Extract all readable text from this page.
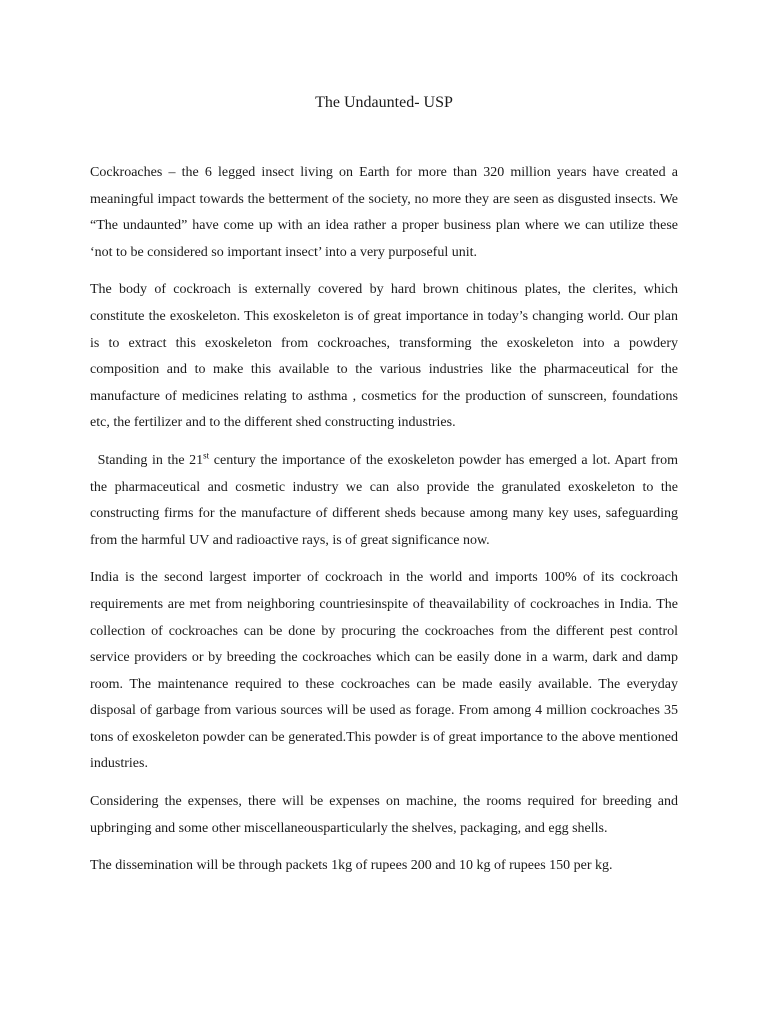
The Undaunted- USP

Cockroaches – the 6 legged insect living on Earth for more than 320 million years have created a meaningful impact towards the betterment of the society, no more they are seen as disgusted insects. We “The undaunted” have come up with an idea rather a proper business plan where we can utilize these ‘not to be considered so important insect’ into a very purposeful unit.

The body of cockroach is externally covered by hard brown chitinous plates, the clerites, which constitute the exoskeleton. This exoskeleton is of great importance in today’s changing world. Our plan is to extract this exoskeleton from cockroaches, transforming the exoskeleton into a powdery composition and to make this available to the various industries like the pharmaceutical for the manufacture of medicines relating to asthma , cosmetics for the production of sunscreen, foundations etc, the fertilizer and to the different shed constructing industries.

Standing in the 21st century the importance of the exoskeleton powder has emerged a lot. Apart from the pharmaceutical and cosmetic industry we can also provide the granulated exoskeleton to the constructing firms for the manufacture of different sheds because among many key uses, safeguarding from the harmful UV and radioactive rays, is of great significance now.

India is the second largest importer of cockroach in the world and imports 100% of its cockroach requirements are met from neighboring countriesinspite of theavailability of cockroaches in India. The collection of cockroaches can be done by procuring the cockroaches from the different pest control service providers or by breeding the cockroaches which can be easily done in a warm, dark and damp room. The maintenance required to these cockroaches can be made easily available. The everyday disposal of garbage from various sources will be used as forage. From among 4 million cockroaches 35 tons of exoskeleton powder can be generated.This powder is of great importance to the above mentioned industries.

Considering the expenses, there will be expenses on machine, the rooms required for breeding and upbringing and some other miscellaneousparticularly the shelves, packaging, and egg shells.

The dissemination will be through packets 1kg of rupees 200 and 10 kg of rupees 150 per kg.
